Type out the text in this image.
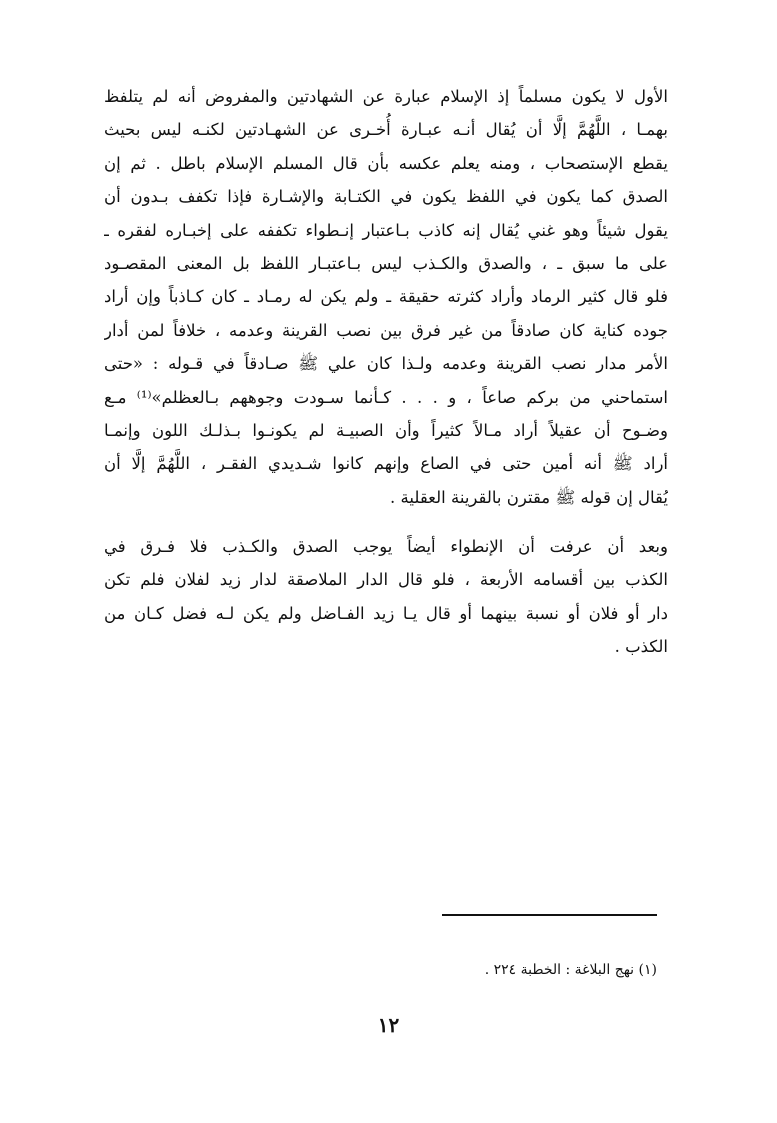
الأول لا يكون مسلماً إذ الإسلام عبارة عن الشهادتين والمفروض أنه لم يتلفظ
بهمـا ، اللَّهُمَّ إلَّا أن يُقال أنـه عبـارة أُخـرى عن الشهـادتين لكنـه ليس بحيث
يقطع الإستصحاب ، ومنه يعلم عكسه بأن قال المسلم الإسلام باطل . ثم إن
الصدق كما يكون في اللفظ يكون في الكتـابة والإشـارة فإذا تكفف بـدون أن
يقول شيئاً وهو غني يُقال إنه كاذب بـاعتبار إنـطواء تكففه على إخبـاره لفقره ـ
على ما سبق ـ ، والصدق والكـذب ليس بـاعتبـار اللفظ بل المعنى المقصـود
فلو قال كثير الرماد وأراد كثرته حقيقة ـ ولم يكن له رمـاد ـ كان كـاذباً وإن أراد
جوده كناية كان صادقاً من غير فرق بين نصب القرينة وعدمه ، خلافاً لمن أدار
الأمر مدار نصب القرينة وعدمه ولـذا كان علي ﷺ صـادقاً في قـوله : «حتى
استماحني من بركم صاعاً ، و . . . كـأنما سـودت وجوههم بـالعظلم»⁽¹⁾ مـع
وضـوح أن عقيلاً أراد مـالاً كثيراً وأن الصبيـة لم يكونـوا بـذلـك اللون وإنمـا
أراد ﷺ أنه أمين حتى في الصاع وإنهم كانوا شـديدي الفقـر ، اللَّهُمَّ إلَّا أن
يُقال إن قوله ﷺ مقترن بالقرينة العقلية .
وبعد أن عرفت أن الإنطواء أيضاً يوجب الصدق والكـذب فلا فـرق في
الكذب بين أقسامه الأربعة ، فلو قال الدار الملاصقة لدار زيد لفلان فلم تكن
دار أو فلان أو نسبة بينهما أو قال يـا زيد الفـاضل ولم يكن لـه فضل كـان من
الكذب .
(١) نهج البلاغة : الخطبة ٢٢٤ .
١٢
